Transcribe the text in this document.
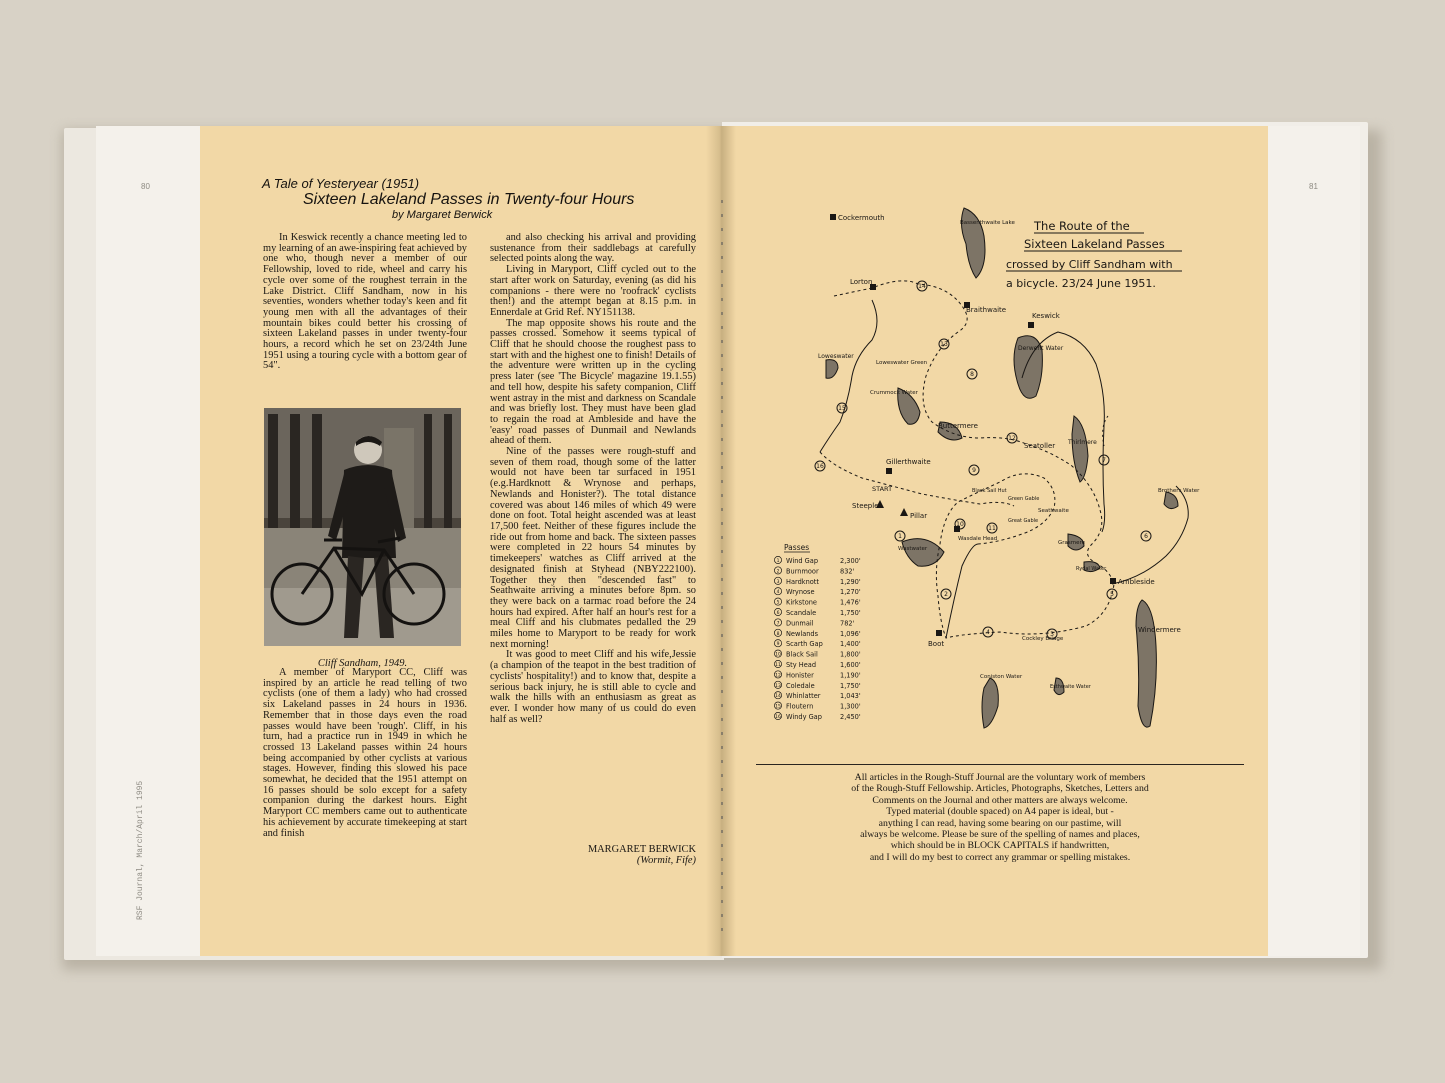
80	81
RSF Journal, March/April 1995
A Tale of Yesteryear (1951)
Sixteen Lakeland Passes in Twenty-four Hours
by Margaret Berwick

In Keswick recently a chance meeting led to my learning of an awe-inspiring feat achieved by one who, though never a member of our Fellowship, loved to ride, wheel and carry his cycle over some of the roughest terrain in the Lake District. Cliff Sandham, now in his seventies, wonders whether today's keen and fit young men with all the advantages of their mountain bikes could better his crossing of sixteen Lakeland passes in under twenty-four hours, a record which he set on 23/24th June 1951 using a touring cycle with a bottom gear of 54".

Cliff Sandham, 1949.

A member of Maryport CC, Cliff was inspired by an article he read telling of two cyclists (one of them a lady) who had crossed six Lakeland passes in 24 hours in 1936. Remember that in those days even the road passes would have been 'rough'. Cliff, in his turn, had a practice run in 1949 in which he crossed 13 Lakeland passes within 24 hours being accompanied by other cyclists at various stages. However, finding this slowed his pace somewhat, he decided that the 1951 attempt on 16 passes should be solo except for a safety companion during the darkest hours. Eight Maryport CC members came out to authenticate his achievement by accurate timekeeping at start and finish

and also checking his arrival and providing sustenance from their saddlebags at carefully selected points along the way.

Living in Maryport, Cliff cycled out to the start after work on Saturday, evening (as did his companions - there were no 'roofrack' cyclists then!) and the attempt began at 8.15 p.m. in Ennerdale at Grid Ref. NY151138.

The map opposite shows his route and the passes crossed. Somehow it seems typical of Cliff that he should choose the roughest pass to start with and the highest one to finish! Details of the adventure were written up in the cycling press later (see 'The Bicycle' magazine 19.1.55) and tell how, despite his safety companion, Cliff went astray in the mist and darkness on Scandale and was briefly lost. They must have been glad to regain the road at Ambleside and have the 'easy' road passes of Dunmail and Newlands ahead of them.

Nine of the passes were rough-stuff and seven of them road, though some of the latter would not have been tar surfaced in 1951 (e.g.Hardknott & Wrynose and perhaps, Newlands and Honister?). The total distance covered was about 146 miles of which 49 were done on foot. Total height ascended was at least 17,500 feet. Neither of these figures include the ride out from home and back. The sixteen passes were completed in 22 hours 54 minutes by timekeepers' watches as Cliff arrived at the designated finish at Styhead (NBY222100). Together they then "descended fast" to Seathwaite arriving a minutes before 8pm. so they were back on a tarmac road before the 24 hours had expired. After half an hour's rest for a meal Cliff and his clubmates pedalled the 29 miles home to Maryport to be ready for work next morning!

It was good to meet Cliff and his wife,Jessie (a champion of the teapot in the best tradition of cyclists' hospitality!) and to know that, despite a serious back injury, he is still able to cycle and walk the hills with an enthusiasm as great as ever. I wonder how many of us could do even half as well?

MARGARET BERWICK
(Wormit, Fife)
Cockermouth
Bassenthwaite Lake
Lorton
Braithwaite
Keswick
Derwent Water
Loweswater
Loweswater Green
Crummock Water
Buttermere
Seatoller Thirlmere
Gillerthwaite
START	Black Sail Hut
Green Gable
Great Gable
Seathwaite
Brothers Water
Steeple
Pillar
Wasdale Head
Wastwater
Grasmere
Rydal Water
Ambleside
Windermere
Boot
Cockley Bridge
Coniston Water
Esthwaite Water
15
14
13
12
8
7
6
4
2
1
10
9
11
16
5
3
The Route of the
Sixteen Lakeland Passes
crossed by Cliff Sandham with
a bicycle. 23/24 June 1951.
Passes
1 Wind Gap	2,300'
2 Burnmoor	832'
3 Hardknott	1,290'
4 Wrynose	1,270'
5 Kirkstone	1,476'
6 Scandale	1,750'
7 Dunmail	782'
8 Newlands	1,096'
9 Scarth Gap	1,400'
10 Black Sail	1,800'
11 Sty Head	1,600'
12 Honister	1,190'
13 Coledale	1,750'
14 Whinlatter	1,043'
15 Floutern	1,300'
16 Windy Gap	2,450'

All articles in the Rough-Stuff Journal are the voluntary work of members

of the Rough-Stuff Fellowship. Articles, Photographs, Sketches, Letters and

Comments on the Journal and other matters are always welcome.

Typed material (double spaced) on A4 paper is ideal, but -

anything I can read, having some bearing on our pastime, will

always be welcome. Please be sure of the spelling of names and places,

which should be in BLOCK CAPITALS if handwritten,

and I will do my best to correct any grammar or spelling mistakes.
